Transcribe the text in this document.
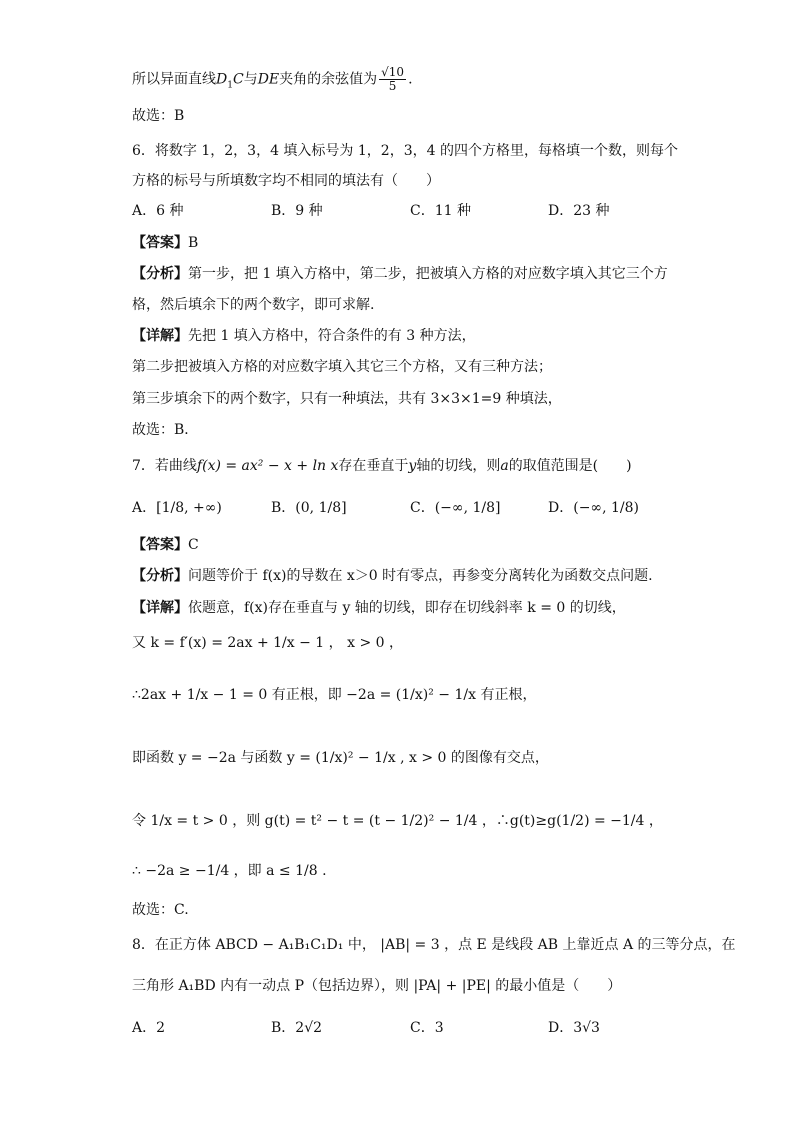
所以异面直线$D_1C$与DE夹角的余弦值为 $\frac{√10}{5}$ .
故选：B
6．将数字 1，2，3，4 填入标号为 1，2，3，4 的四个方格里，每格填一个数，则每个
方格的标号与所填数字均不相同的填法有（　　）
A．6 种	B．9 种	C．11 种	D．23 种
【答案】B
【分析】第一步，把 1 填入方格中，第二步，把被填入方格的对应数字填入其它三个方
格，然后填余下的两个数字，即可求解.
【详解】先把 1 填入方格中，符合条件的有 3 种方法，
第二步把被填入方格的对应数字填入其它三个方格，又有三种方法；
第三步填余下的两个数字，只有一种填法，共有 3×3×1=9 种填法，
故选：B．
7．若曲线f(x) = ax² − x + ln x存在垂直于y轴的切线，则a的取值范围是(　　)
A．[1/8, +∞)	B．(0, 1/8]	C．(−∞, 1/8]	D．(−∞, 1/8)
【答案】C
【分析】问题等价于 f(x)的导数在 x＞0 时有零点，再参变分离转化为函数交点问题.
【详解】依题意，f(x)存在垂直与 y 轴的切线，即存在切线斜率 k = 0 的切线，
又 k = f′(x) = 2ax + 1/x − 1 ， x > 0 ，
∴2ax + 1/x − 1 = 0 有正根，即 −2a = (1/x)² − 1/x 有正根，
即函数 y = −2a 与函数 y = (1/x)² − 1/x , x > 0 的图像有交点，
令 1/x = t > 0 ，则 g(t) = t² − t = (t − 1/2)² − 1/4 ，∴g(t)≥g(1/2) = −1/4 ，
∴ −2a ≥ −1/4 ，即 a ≤ 1/8 .
故选：C.
8．在正方体 ABCD − A₁B₁C₁D₁ 中， |AB| = 3 ，点 E 是线段 AB 上靠近点 A 的三等分点，在
三角形 A₁BD 内有一动点 P（包括边界），则 |PA| + |PE| 的最小值是（　　）
A．2	B．2√2	C．3	D．3√3
